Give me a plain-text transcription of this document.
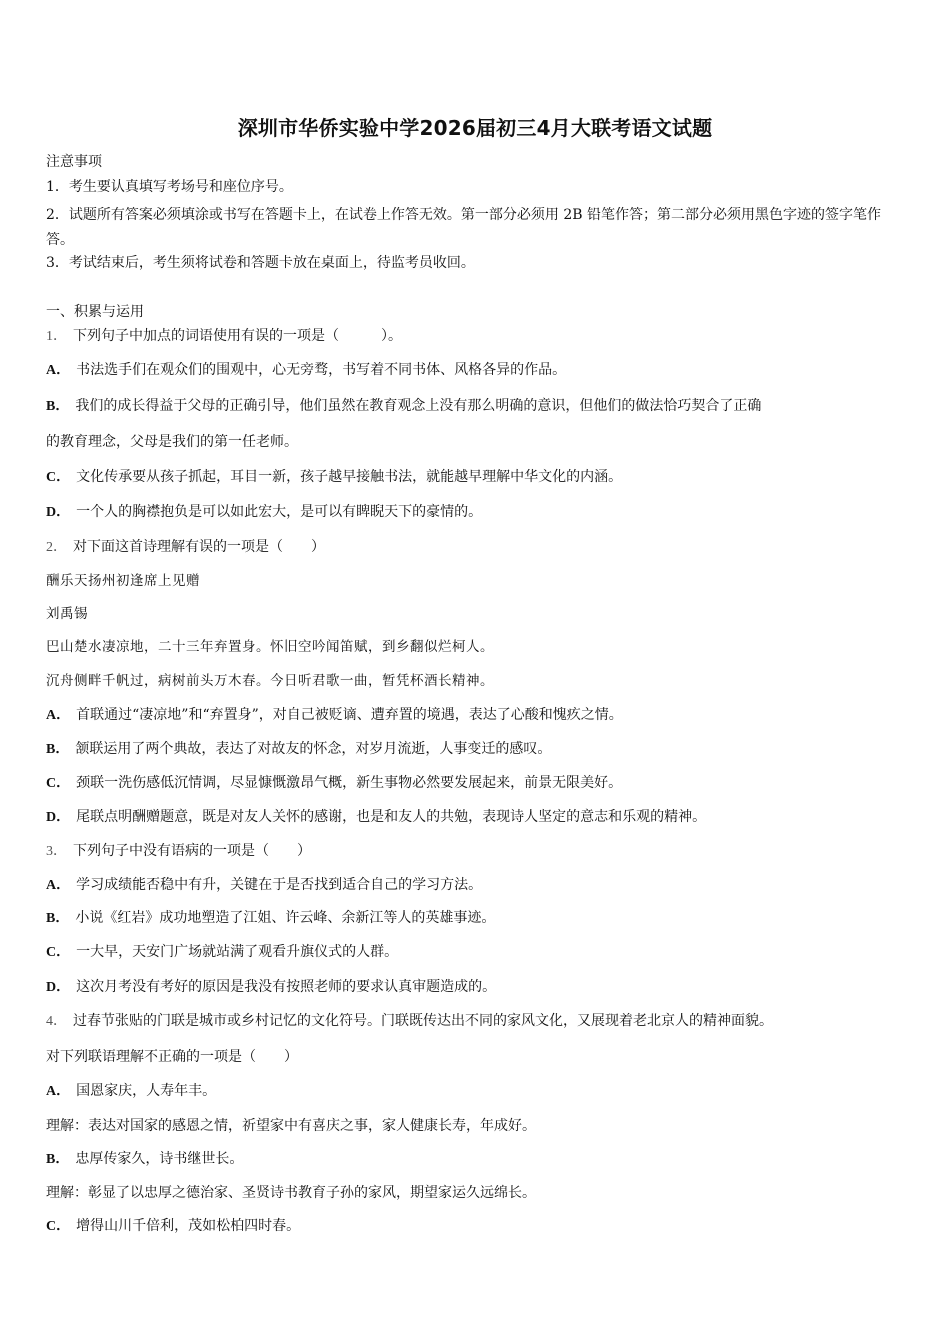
深圳市华侨实验中学2026届初三4月大联考语文试题
注意事项
1．考生要认真填写考场号和座位序号。
2．试题所有答案必须填涂或书写在答题卡上，在试卷上作答无效。第一部分必须用 2B 铅笔作答；第二部分必须用黑色字迹的签字笔作答。
3．考试结束后，考生须将试卷和答题卡放在桌面上，待监考员收回。
一、积累与运用
1． 下列句子中加点的词语使用有误的一项是（　　　）。
A． 书法选手们在观众们的围观中，心无旁骛，书写着不同书体、风格各异的作品。
B． 我们的成长得益于父母的正确引导，他们虽然在教育观念上没有那么明确的意识，但他们的做法恰巧契合了正确
的教育理念，父母是我们的第一任老师。
C． 文化传承要从孩子抓起，耳目一新，孩子越早接触书法，就能越早理解中华文化的内涵。
D． 一个人的胸襟抱负是可以如此宏大，是可以有睥睨天下的豪情的。
2． 对下面这首诗理解有误的一项是（　　）
酬乐天扬州初逢席上见赠
刘禹锡
巴山楚水凄凉地，二十三年弃置身。怀旧空吟闻笛赋，到乡翻似烂柯人。
沉舟侧畔千帆过，病树前头万木春。今日听君歌一曲，暂凭杯酒长精神。
A． 首联通过“凄凉地”和“弃置身”，对自己被贬谪、遭弃置的境遇，表达了心酸和愧疚之情。
B． 颔联运用了两个典故，表达了对故友的怀念，对岁月流逝，人事变迁的感叹。
C． 颈联一洗伤感低沉情调，尽显慷慨激昂气概，新生事物必然要发展起来，前景无限美好。
D． 尾联点明酬赠题意，既是对友人关怀的感谢，也是和友人的共勉，表现诗人坚定的意志和乐观的精神。
3． 下列句子中没有语病的一项是（　　）
A． 学习成绩能否稳中有升，关键在于是否找到适合自己的学习方法。
B． 小说《红岩》成功地塑造了江姐、许云峰、余新江等人的英雄事迹。
C． 一大早，天安门广场就站满了观看升旗仪式的人群。
D． 这次月考没有考好的原因是我没有按照老师的要求认真审题造成的。
4． 过春节张贴的门联是城市或乡村记忆的文化符号。门联既传达出不同的家风文化，又展现着老北京人的精神面貌。
对下列联语理解不正确的一项是（　　）
A． 国恩家庆，人寿年丰。
理解：表达对国家的感恩之情，祈望家中有喜庆之事，家人健康长寿，年成好。
B． 忠厚传家久，诗书继世长。
理解：彰显了以忠厚之德治家、圣贤诗书教育子孙的家风，期望家运久远绵长。
C． 增得山川千倍利，茂如松柏四时春。
